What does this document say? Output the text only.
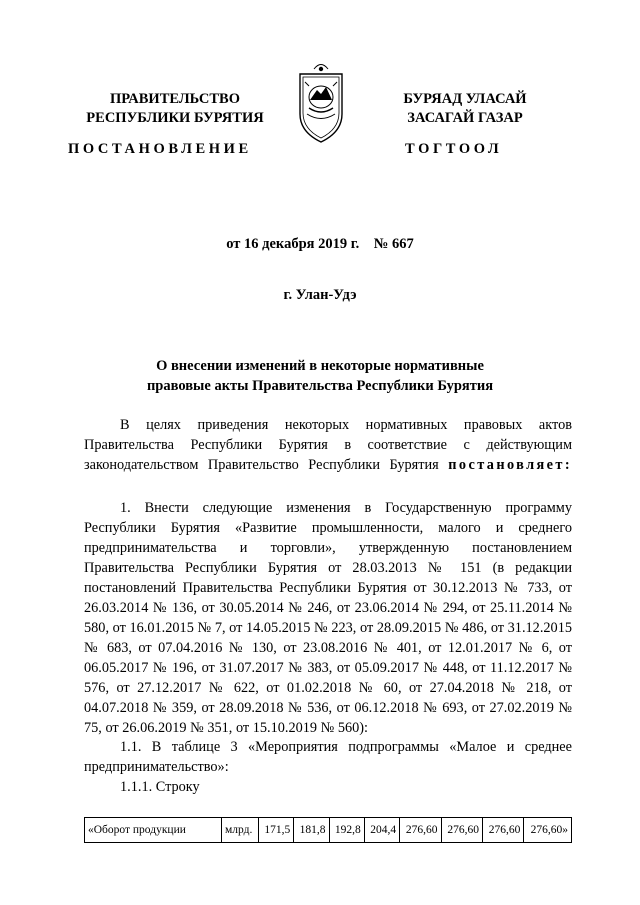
ПРАВИТЕЛЬСТВО
РЕСПУБЛИКИ БУРЯТИЯ
БУРЯАД УЛАСАЙ
ЗАСАГАЙ ГАЗАР
ПОСТАНОВЛЕНИЕ	ТОГТООЛ
от 16 декабря 2019 г.    № 667
г. Улан-Удэ
О внесении изменений в некоторые нормативные
правовые акты Правительства Республики Бурятия
В целях приведения некоторых нормативных правовых актов Правительства Республики Бурятия в соответствие с действующим законодательством Правительство Республики Бурятия постановляет:
1. Внести следующие изменения в Государственную программу Республики Бурятия «Развитие промышленности, малого и среднего предпринимательства и торговли», утвержденную постановлением Правительства Республики Бурятия от 28.03.2013 № 151 (в редакции постановлений Правительства Республики Бурятия от 30.12.2013 № 733, от 26.03.2014 № 136, от 30.05.2014 № 246, от 23.06.2014 № 294, от 25.11.2014 № 580, от 16.01.2015 № 7, от 14.05.2015 № 223, от 28.09.2015 № 486, от 31.12.2015 № 683, от 07.04.2016 № 130, от 23.08.2016 № 401, от 12.01.2017 № 6, от 06.05.2017 № 196, от 31.07.2017 № 383, от 05.09.2017 № 448, от 11.12.2017 № 576, от 27.12.2017 № 622, от 01.02.2018 № 60, от 27.04.2018 № 218, от 04.07.2018 № 359, от 28.09.2018 № 536, от 06.12.2018 № 693, от 27.02.2019 № 75, от 26.06.2019 № 351, от 15.10.2019 № 560):
1.1. В таблице 3 «Мероприятия подпрограммы «Малое и среднее предпринимательство»:
1.1.1. Строку
«Оборот продукции	млрд.	171,5	181,8	192,8	204,4	276,60	276,60	276,60	276,60»
